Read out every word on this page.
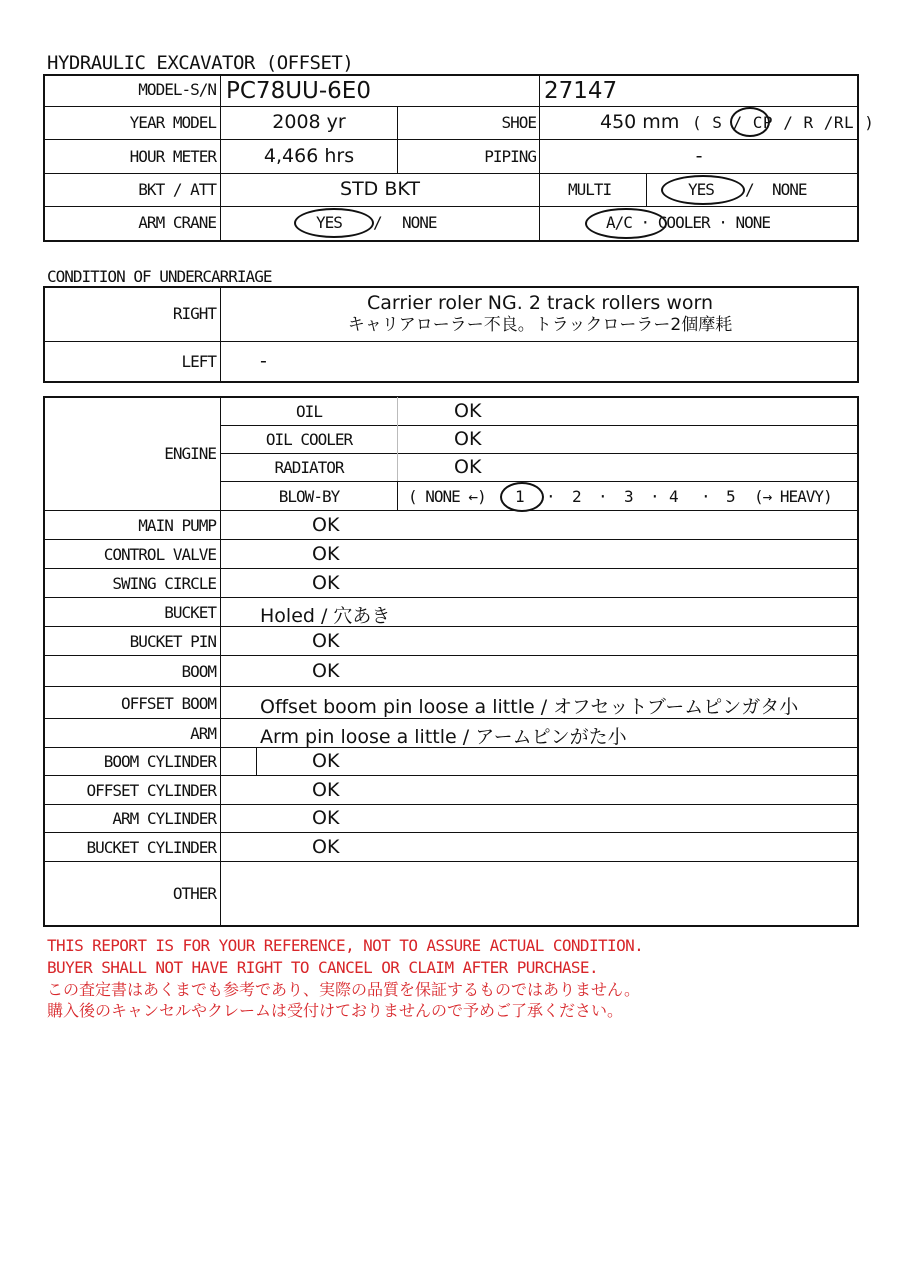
HYDRAULIC EXCAVATOR (OFFSET)
MODEL-S/N PC78UU-6E0	27147
YEAR MODEL	2008 yr	SHOE	450 mm ( S / CP / R /RL )
HOUR METER	4,466 hrs	PIPING	-
BKT / ATT	STD BKT	MULTI	YES / NONE
ARM CRANE	YES / NONE	A/C · COOLER · NONE
CONDITION OF UNDERCARRIAGE
RIGHT	Carrier roler NG. 2 track rollers worn
キャリアローラー不良。トラックローラー2個摩耗
LEFT -
ENGINE
OIL	OK
OIL COOLER	OK
RADIATOR	OK
BLOW-BY	( NONE ←) 1 · 2 · 3 · 4 · 5 (→ HEAVY)
MAIN PUMP	OK
CONTROL VALVE	OK
SWING CIRCLE	OK
BUCKET Holed / 穴あき
BUCKET PIN	OK
BOOM	OK
OFFSET BOOM Offset boom pin loose a little / オフセットブームピンガタ小
ARM Arm pin loose a little / アームピンがた小
BOOM CYLINDER	OK
OFFSET CYLINDER	OK
ARM CYLINDER	OK
BUCKET CYLINDER	OK
OTHER
THIS REPORT IS FOR YOUR REFERENCE, NOT TO ASSURE ACTUAL CONDITION.
BUYER SHALL NOT HAVE RIGHT TO CANCEL OR CLAIM AFTER PURCHASE.
この査定書はあくまでも参考であり、実際の品質を保証するものではありません。
購入後のキャンセルやクレームは受付けておりませんので予めご了承ください。
